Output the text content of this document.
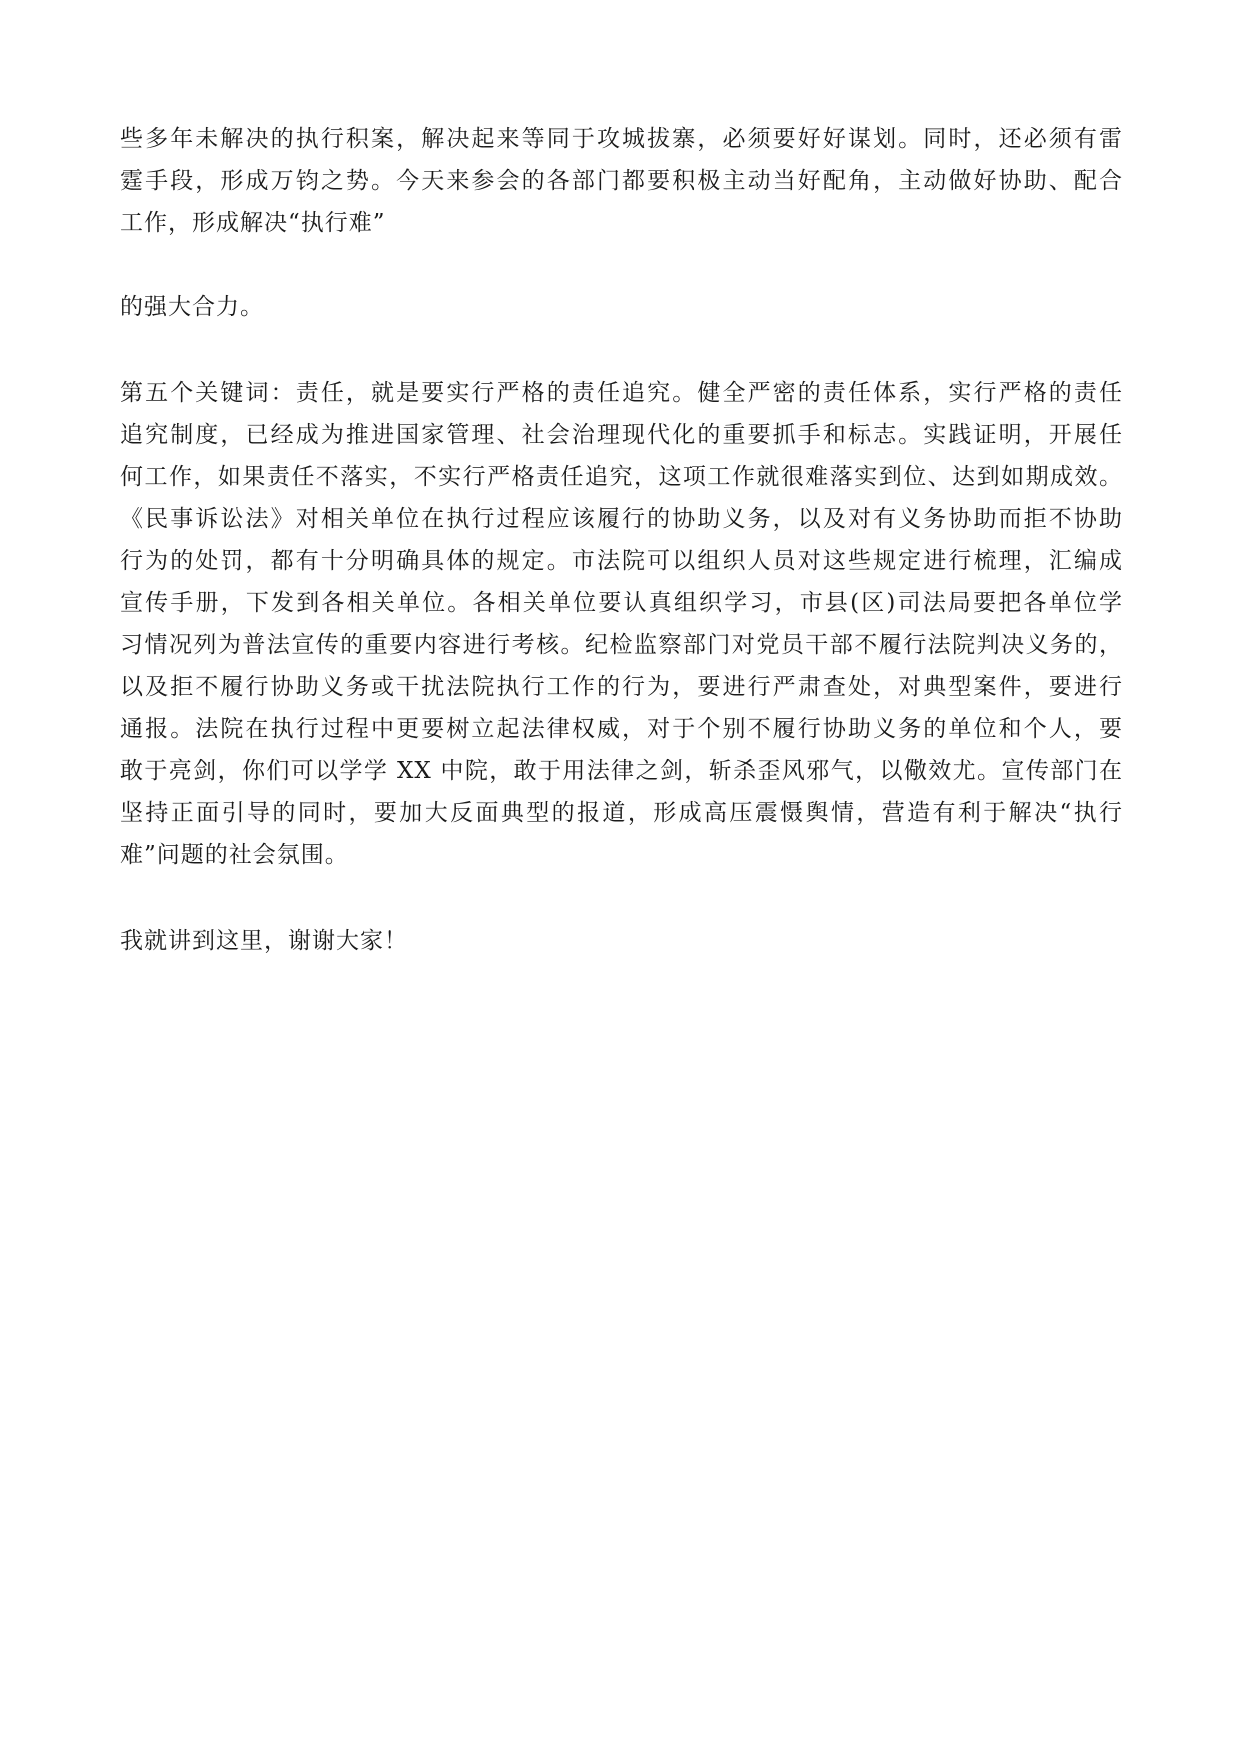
些多年未解决的执行积案，解决起来等同于攻城拔寨，必须要好好谋划。同时，还必须有雷
霆手段，形成万钧之势。今天来参会的各部门都要积极主动当好配角，主动做好协助、配合
工作，形成解决“执行难”
的强大合力。
第五个关键词：责任，就是要实行严格的责任追究。健全严密的责任体系，实行严格的责任
追究制度，已经成为推进国家管理、社会治理现代化的重要抓手和标志。实践证明，开展任
何工作，如果责任不落实，不实行严格责任追究，这项工作就很难落实到位、达到如期成效。
《民事诉讼法》对相关单位在执行过程应该履行的协助义务，以及对有义务协助而拒不协助
行为的处罚，都有十分明确具体的规定。市法院可以组织人员对这些规定进行梳理，汇编成
宣传手册，下发到各相关单位。各相关单位要认真组织学习，市县(区)司法局要把各单位学
习情况列为普法宣传的重要内容进行考核。纪检监察部门对党员干部不履行法院判决义务的，
以及拒不履行协助义务或干扰法院执行工作的行为，要进行严肃查处，对典型案件，要进行
通报。法院在执行过程中更要树立起法律权威，对于个别不履行协助义务的单位和个人，要
敢于亮剑，你们可以学学 XX 中院，敢于用法律之剑，斩杀歪风邪气，以儆效尤。宣传部门在
坚持正面引导的同时，要加大反面典型的报道，形成高压震慑舆情，营造有利于解决“执行
难”问题的社会氛围。
我就讲到这里，谢谢大家！
